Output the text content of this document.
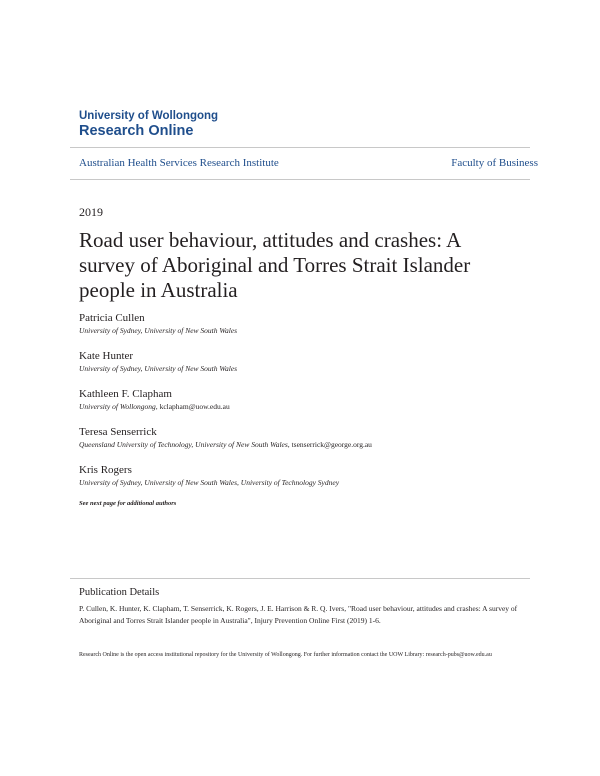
University of Wollongong
Research Online
Australian Health Services Research Institute	Faculty of Business
2019
Road user behaviour, attitudes and crashes: A survey of Aboriginal and Torres Strait Islander people in Australia
Patricia Cullen
University of Sydney, University of New South Wales
Kate Hunter
University of Sydney, University of New South Wales
Kathleen F. Clapham
University of Wollongong, kclapham@uow.edu.au
Teresa Senserrick
Queensland University of Technology, University of New South Wales, tsenserrick@george.org.au
Kris Rogers
University of Sydney, University of New South Wales, University of Technology Sydney
See next page for additional authors
Publication Details
P. Cullen, K. Hunter, K. Clapham, T. Senserrick, K. Rogers, J. E. Harrison & R. Q. Ivers, "Road user behaviour, attitudes and crashes: A survey of Aboriginal and Torres Strait Islander people in Australia", Injury Prevention Online First (2019) 1-6.
Research Online is the open access institutional repository for the University of Wollongong. For further information contact the UOW Library: research-pubs@uow.edu.au
